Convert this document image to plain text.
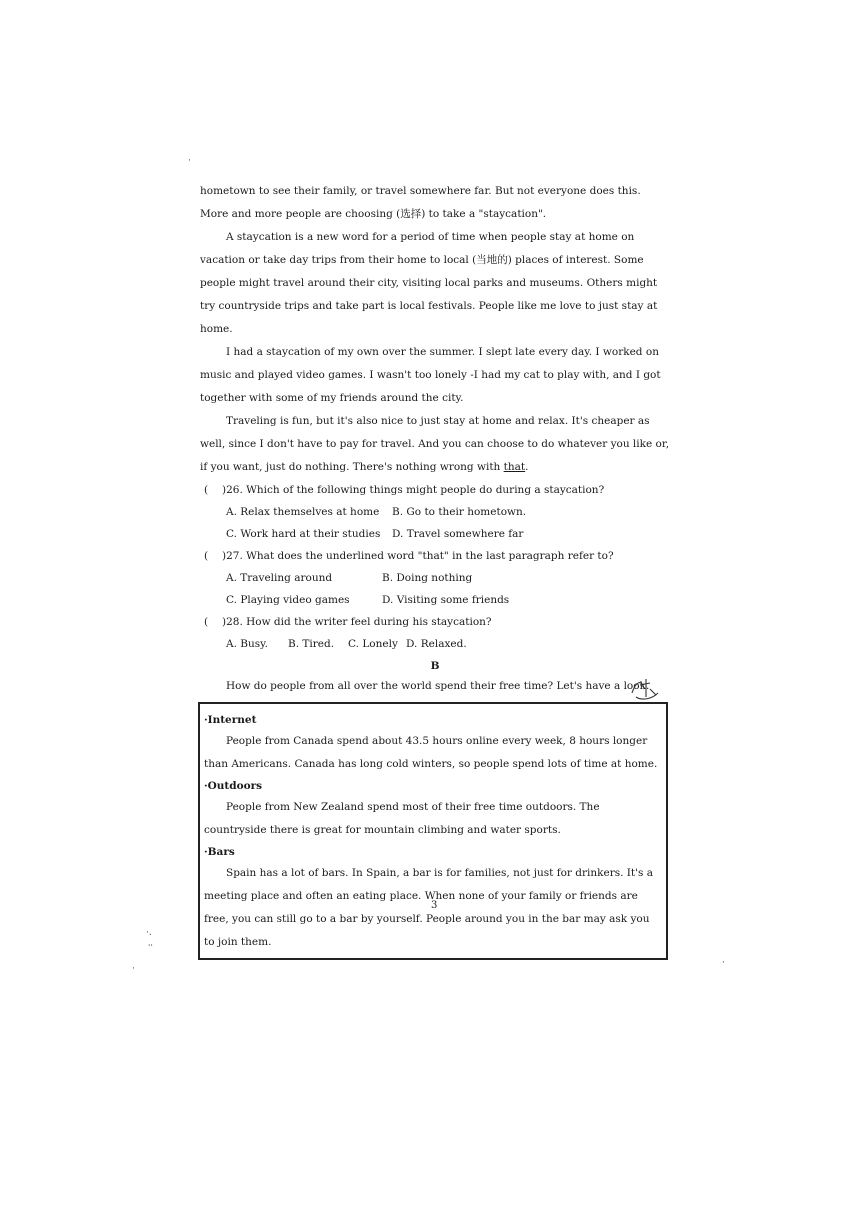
hometown to see their family, or travel somewhere far. But not everyone does this. More and more people are choosing (选择) to take a "staycation".

A staycation is a new word for a period of time when people stay at home on vacation or take day trips from their home to local (当地的) places of interest. Some people might travel around their city, visiting local parks and museums. Others might try countryside trips and take part is local festivals. People like me love to just stay at home.

I had a staycation of my own over the summer. I slept late every day. I worked on music and played video games. I wasn't too lonely -I had my cat to play with, and I got together with some of my friends around the city.

Traveling is fun, but it's also nice to just stay at home and relax. It's cheaper as well, since I don't have to pay for travel. And you can choose to do whatever you like or, if you want, just do nothing. There's nothing wrong with that.

( )26. Which of the following things might people do during a staycation?
A. Relax themselves at home B. Go to their hometown.
C. Work hard at their studies D. Travel somewhere far
( )27. What does the underlined word "that" in the last paragraph refer to?
A. Traveling around	B. Doing nothing
C. Playing video games	D. Visiting some friends
( )28. How did the writer feel during his staycation?
A. Busy. B. Tired. C. Lonely D. Relaxed.

B

How do people from all over the world spend their free time? Let's have a look.

·Internet

People from Canada spend about 43.5 hours online every week, 8 hours longer than Americans. Canada has long cold winters, so people spend lots of time at home.

·Outdoors

People from New Zealand spend most of their free time outdoors. The countryside there is great for mountain climbing and water sports.

·Bars

Spain has a lot of bars. In Spain, a bar is for families, not just for drinkers. It's a meeting place and often an eating place. When none of your family or friends are free, you can still go to a bar by yourself. People around you in the bar may ask you to join them.

3
·
·.
⸱⸱
·
·
